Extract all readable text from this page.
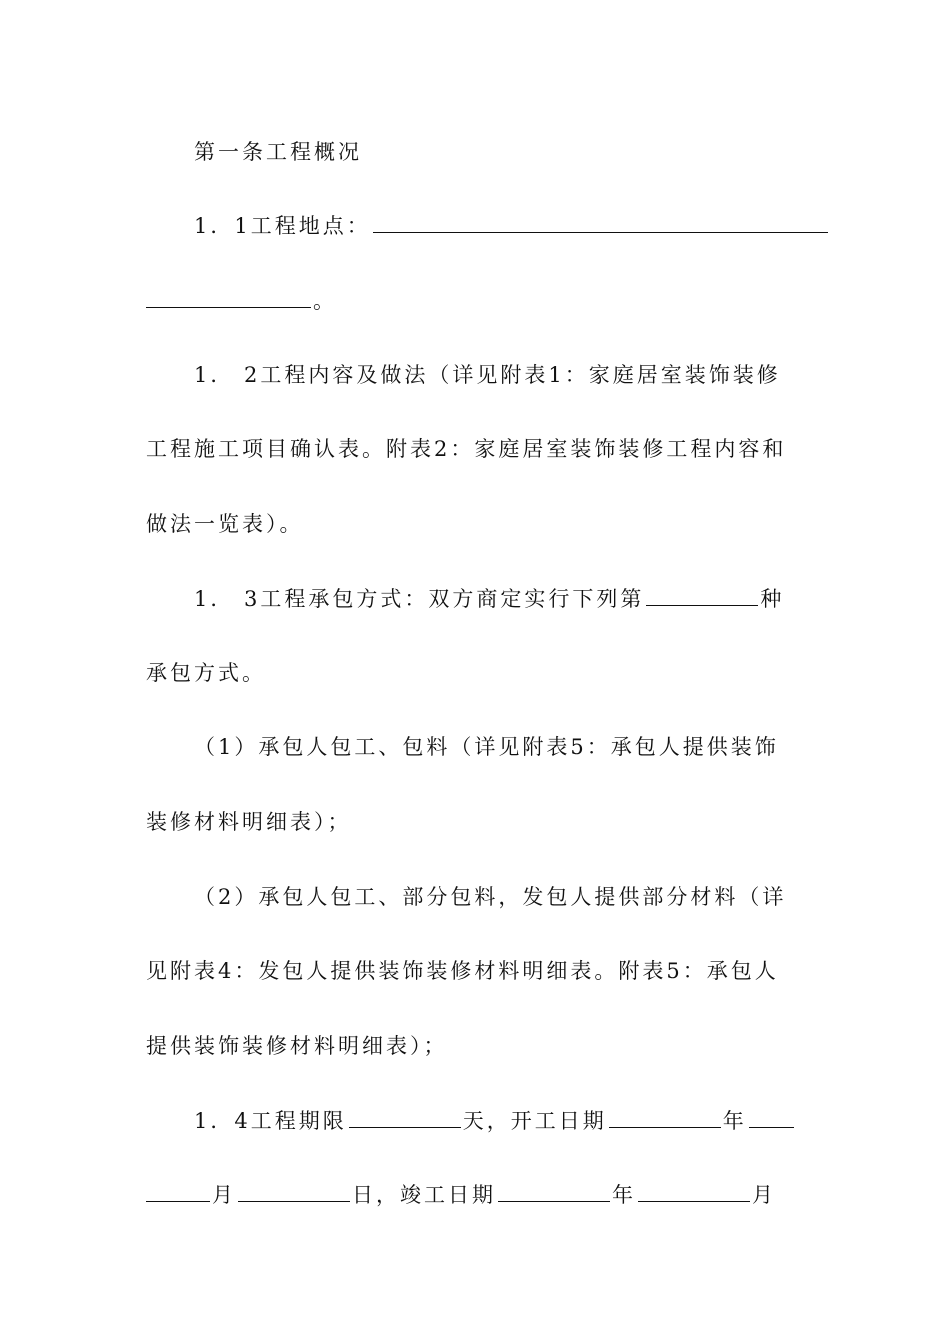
第一条工程概况
1．1工程地点：
。
1． 2工程内容及做法（详见附表1：家庭居室装饰装修
工程施工项目确认表。附表2：家庭居室装饰装修工程内容和
做法一览表）。
1． 3工程承包方式：双方商定实行下列第	种
承包方式。
（1）承包人包工、包料（详见附表5：承包人提供装饰
装修材料明细表）；
（2）承包人包工、部分包料，发包人提供部分材料（详
见附表4：发包人提供装饰装修材料明细表。附表5：承包人
提供装饰装修材料明细表）；
1．4工程期限	天，开工日期	年
月	日，竣工日期	年	月
